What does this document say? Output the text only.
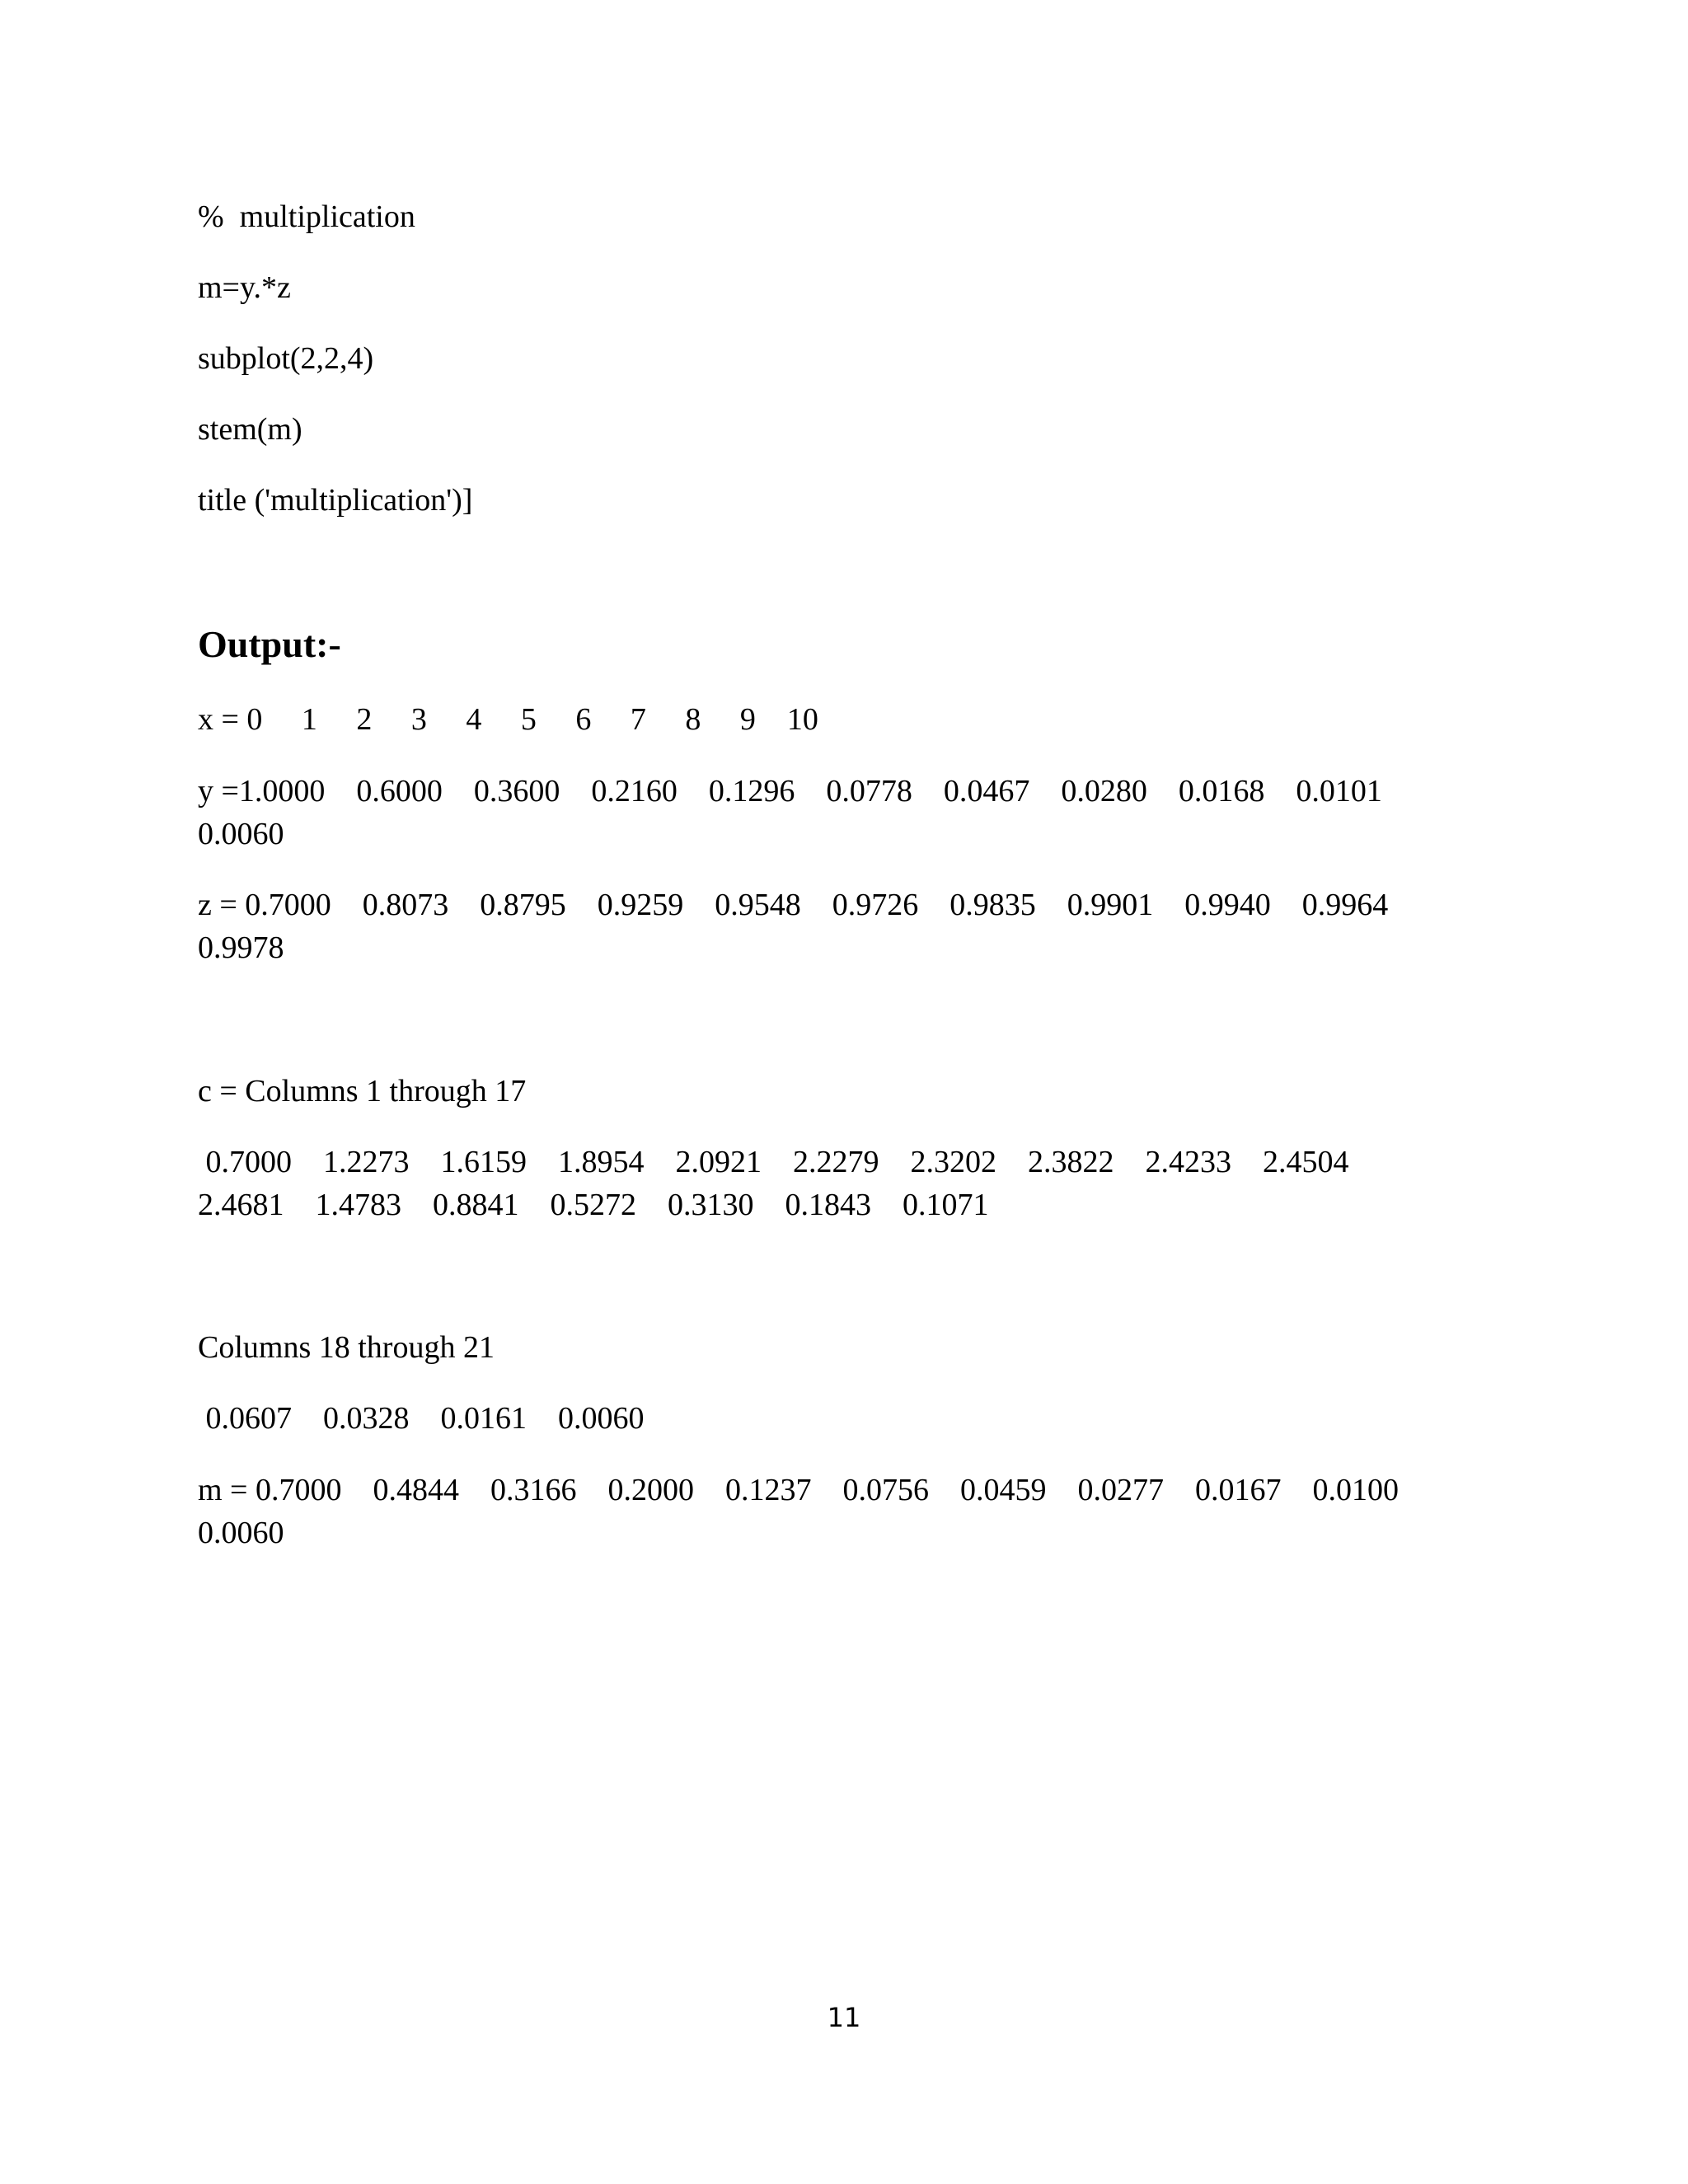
%  multiplication
m=y.*z
subplot(2,2,4)
stem(m)
title ('multiplication')]
Output:-
x = 0     1     2     3     4     5     6     7     8     9    10
y =1.0000    0.6000    0.3600    0.2160    0.1296    0.0778    0.0467    0.0280    0.0168    0.0101
0.0060
z = 0.7000    0.8073    0.8795    0.9259    0.9548    0.9726    0.9835    0.9901    0.9940    0.9964
0.9978
c = Columns 1 through 17
0.7000    1.2273    1.6159    1.8954    2.0921    2.2279    2.3202    2.3822    2.4233    2.4504
2.4681    1.4783    0.8841    0.5272    0.3130    0.1843    0.1071
Columns 18 through 21
0.0607    0.0328    0.0161    0.0060
m = 0.7000    0.4844    0.3166    0.2000    0.1237    0.0756    0.0459    0.0277    0.0167    0.0100
0.0060
11
